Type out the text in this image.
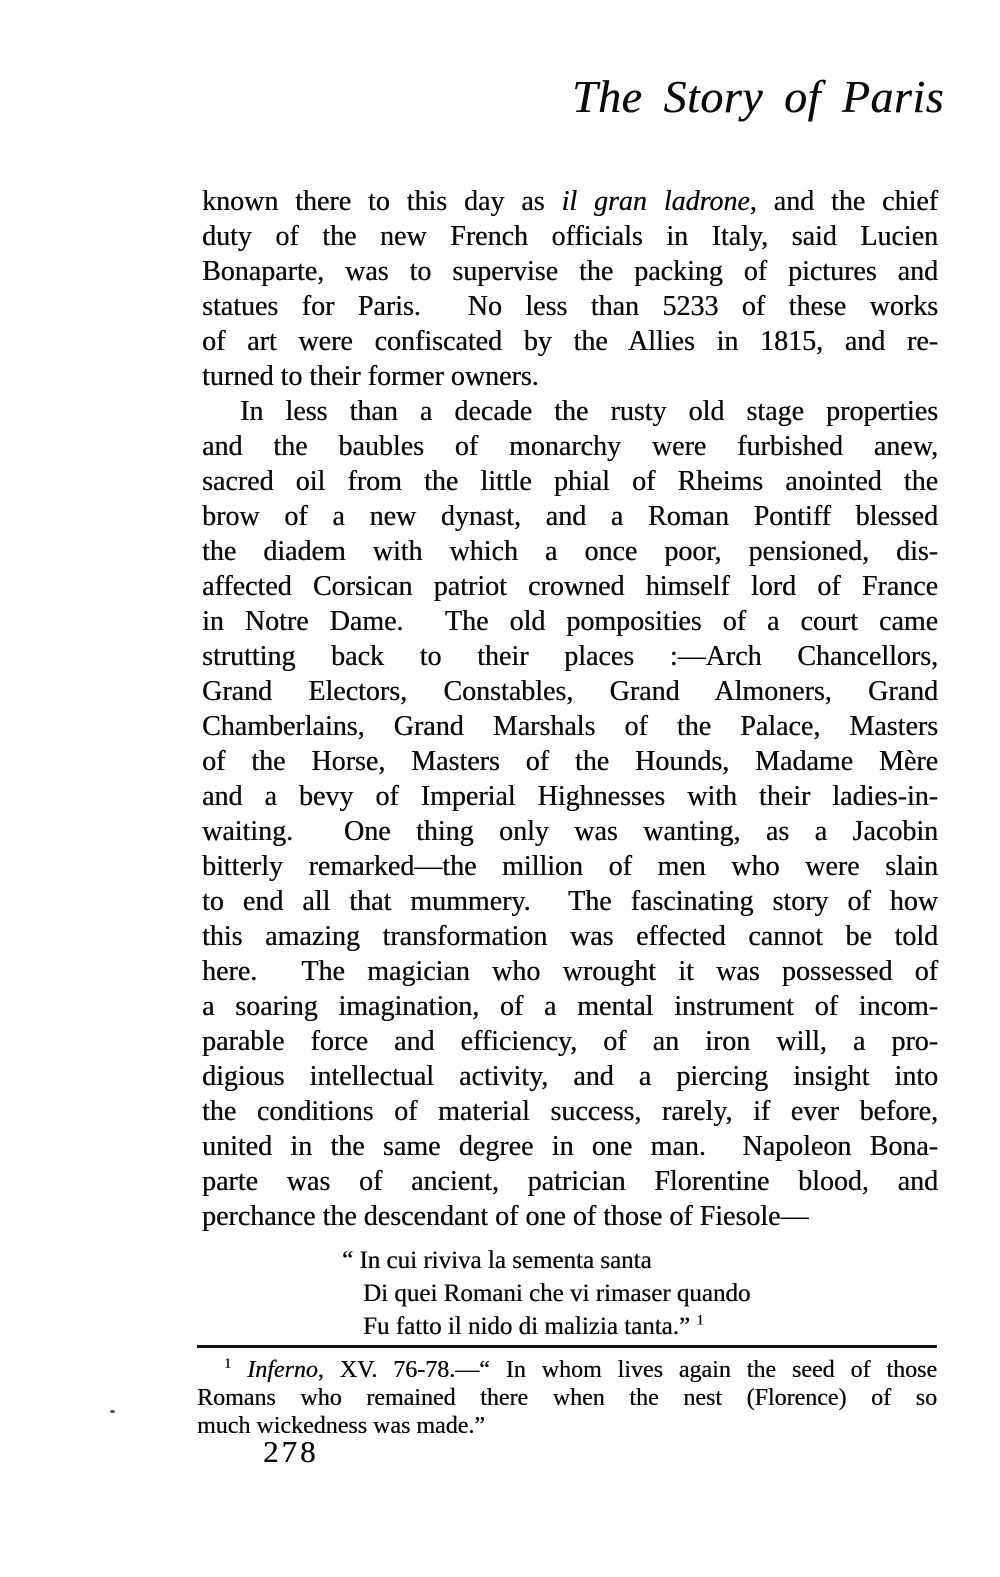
The Story of Paris
known there to this day as il gran ladrone, and the chief
duty of the new French officials in Italy, said Lucien
Bonaparte, was to supervise the packing of pictures and
statues for Paris.  No less than 5233 of these works
of art were confiscated by the Allies in 1815, and re-
turned to their former owners.
In less than a decade the rusty old stage properties
and the baubles of monarchy were furbished anew,
sacred oil from the little phial of Rheims anointed the
brow of a new dynast, and a Roman Pontiff blessed
the diadem with which a once poor, pensioned, dis-
affected Corsican patriot crowned himself lord of France
in Notre Dame.  The old pomposities of a court came
strutting back to their places :—Arch Chancellors,
Grand Electors, Constables, Grand Almoners, Grand
Chamberlains, Grand Marshals of the Palace, Masters
of the Horse, Masters of the Hounds, Madame Mère
and a bevy of Imperial Highnesses with their ladies-in-
waiting.  One thing only was wanting, as a Jacobin
bitterly remarked—the million of men who were slain
to end all that mummery.  The fascinating story of how
this amazing transformation was effected cannot be told
here.  The magician who wrought it was possessed of
a soaring imagination, of a mental instrument of incom-
parable force and efficiency, of an iron will, a pro-
digious intellectual activity, and a piercing insight into
the conditions of material success, rarely, if ever before,
united in the same degree in one man.  Napoleon Bona-
parte was of ancient, patrician Florentine blood, and
perchance the descendant of one of those of Fiesole—
“ In cui riviva la sementa santa
Di quei Romani che vi rimaser quando
Fu fatto il nido di malizia tanta.” $^1$
$^1$ Inferno, XV. 76-78.—“ In whom lives again the seed of those
Romans who remained there when the nest (Florence) of so
much wickedness was made.”
278
